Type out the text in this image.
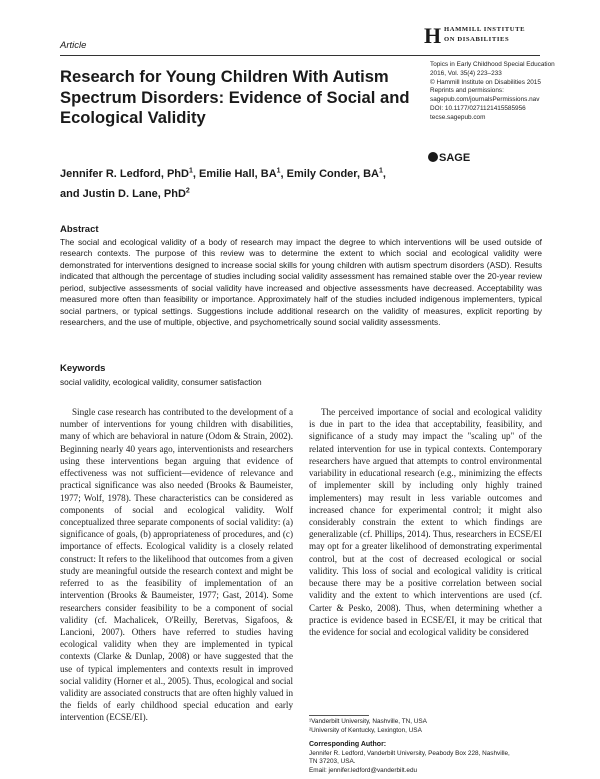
Article	H HAMMILL INSTITUTE
ON DISABILITIES
Topics in Early Childhood Special Education
2016, Vol. 35(4) 223–233
© Hammill Institute on Disabilities 2015
Reprints and permissions:
sagepub.com/journalsPermissions.nav
DOI: 10.1177/0271121415585956
tecse.sagepub.com
SAGE
Research for Young Children With Autism Spectrum Disorders: Evidence of Social and Ecological Validity
Jennifer R. Ledford, PhD$^1$, Emilie Hall, $BA^1$, Emily Conder, $BA^1$,
and Justin D. Lane, PhD$^2$
Abstract
The social and ecological validity of a body of research may impact the degree to which interventions will be used outside of research contexts. The purpose of this review was to determine the extent to which social and ecological validity were demonstrated for interventions designed to increase social skills for young children with autism spectrum disorders (ASD). Results indicated that although the percentage of studies including social validity assessment has remained stable over the 20-year review period, subjective assessments of social validity have increased and objective assessments have decreased. Acceptability was measured more often than feasibility or importance. Approximately half of the studies included indigenous implementers, typical social partners, or typical settings. Suggestions include additional research on the validity of measures, explicit reporting by researchers, and the use of multiple, objective, and psychometrically sound social validity assessments.
Keywords
social validity, ecological validity, consumer satisfaction

Single case research has contributed to the development of a number of interventions for young children with disabilities, many of which are behavioral in nature (Odom & Strain, 2002). Beginning nearly 40 years ago, interventionists and researchers using these interventions began arguing that evidence of effectiveness was not sufficient—evidence of relevance and practical significance was also needed (Brooks & Baumeister, 1977; Wolf, 1978). These characteristics can be considered as components of social and ecological validity. Wolf conceptualized three separate components of social validity: (a) significance of goals, (b) appropriateness of procedures, and (c) importance of effects. Ecological validity is a closely related construct: It refers to the likelihood that outcomes from a given study are meaningful outside the research context and might be referred to as the feasibility of implementation of an intervention (Brooks & Baumeister, 1977; Gast, 2014). Some researchers consider feasibility to be a component of social validity (cf. Machalicek, O'Reilly, Beretvas, Sigafoos, & Lancioni, 2007). Others have referred to studies having ecological validity when they are implemented in typical contexts (Clarke & Dunlap, 2008) or have suggested that the use of typical implementers and contexts result in improved social validity (Horner et al., 2005). Thus, ecological and social validity are associated constructs that are often highly valued in the fields of early childhood special education and early intervention (ECSE/EI).

The perceived importance of social and ecological validity is due in part to the idea that acceptability, feasibility, and significance of a study may impact the "scaling up" of the related intervention for use in typical contexts. Contemporary researchers have argued that attempts to control environmental variability in educational research (e.g., minimizing the effects of implementer skill by including only highly trained implementers) may result in less variable outcomes and increased chance for experimental control; it might also considerably constrain the extent to which findings are generalizable (cf. Phillips, 2014). Thus, researchers in ECSE/EI may opt for a greater likelihood of demonstrating experimental control, but at the cost of decreased ecological or social validity. This loss of social and ecological validity is critical because there may be a positive correlation between social validity and the extent to which interventions are used (cf. Carter & Pesko, 2008). Thus, when determining whether a practice is evidence based in ECSE/EI, it may be critical that the evidence for social and ecological validity be considered

¹Vanderbilt University, Nashville, TN, USA
²University of Kentucky, Lexington, USA
Corresponding Author:
Jennifer R. Ledford, Vanderbilt University, Peabody Box 228, Nashville,
TN 37203, USA.
Email: jennifer.ledford@vanderbilt.edu
